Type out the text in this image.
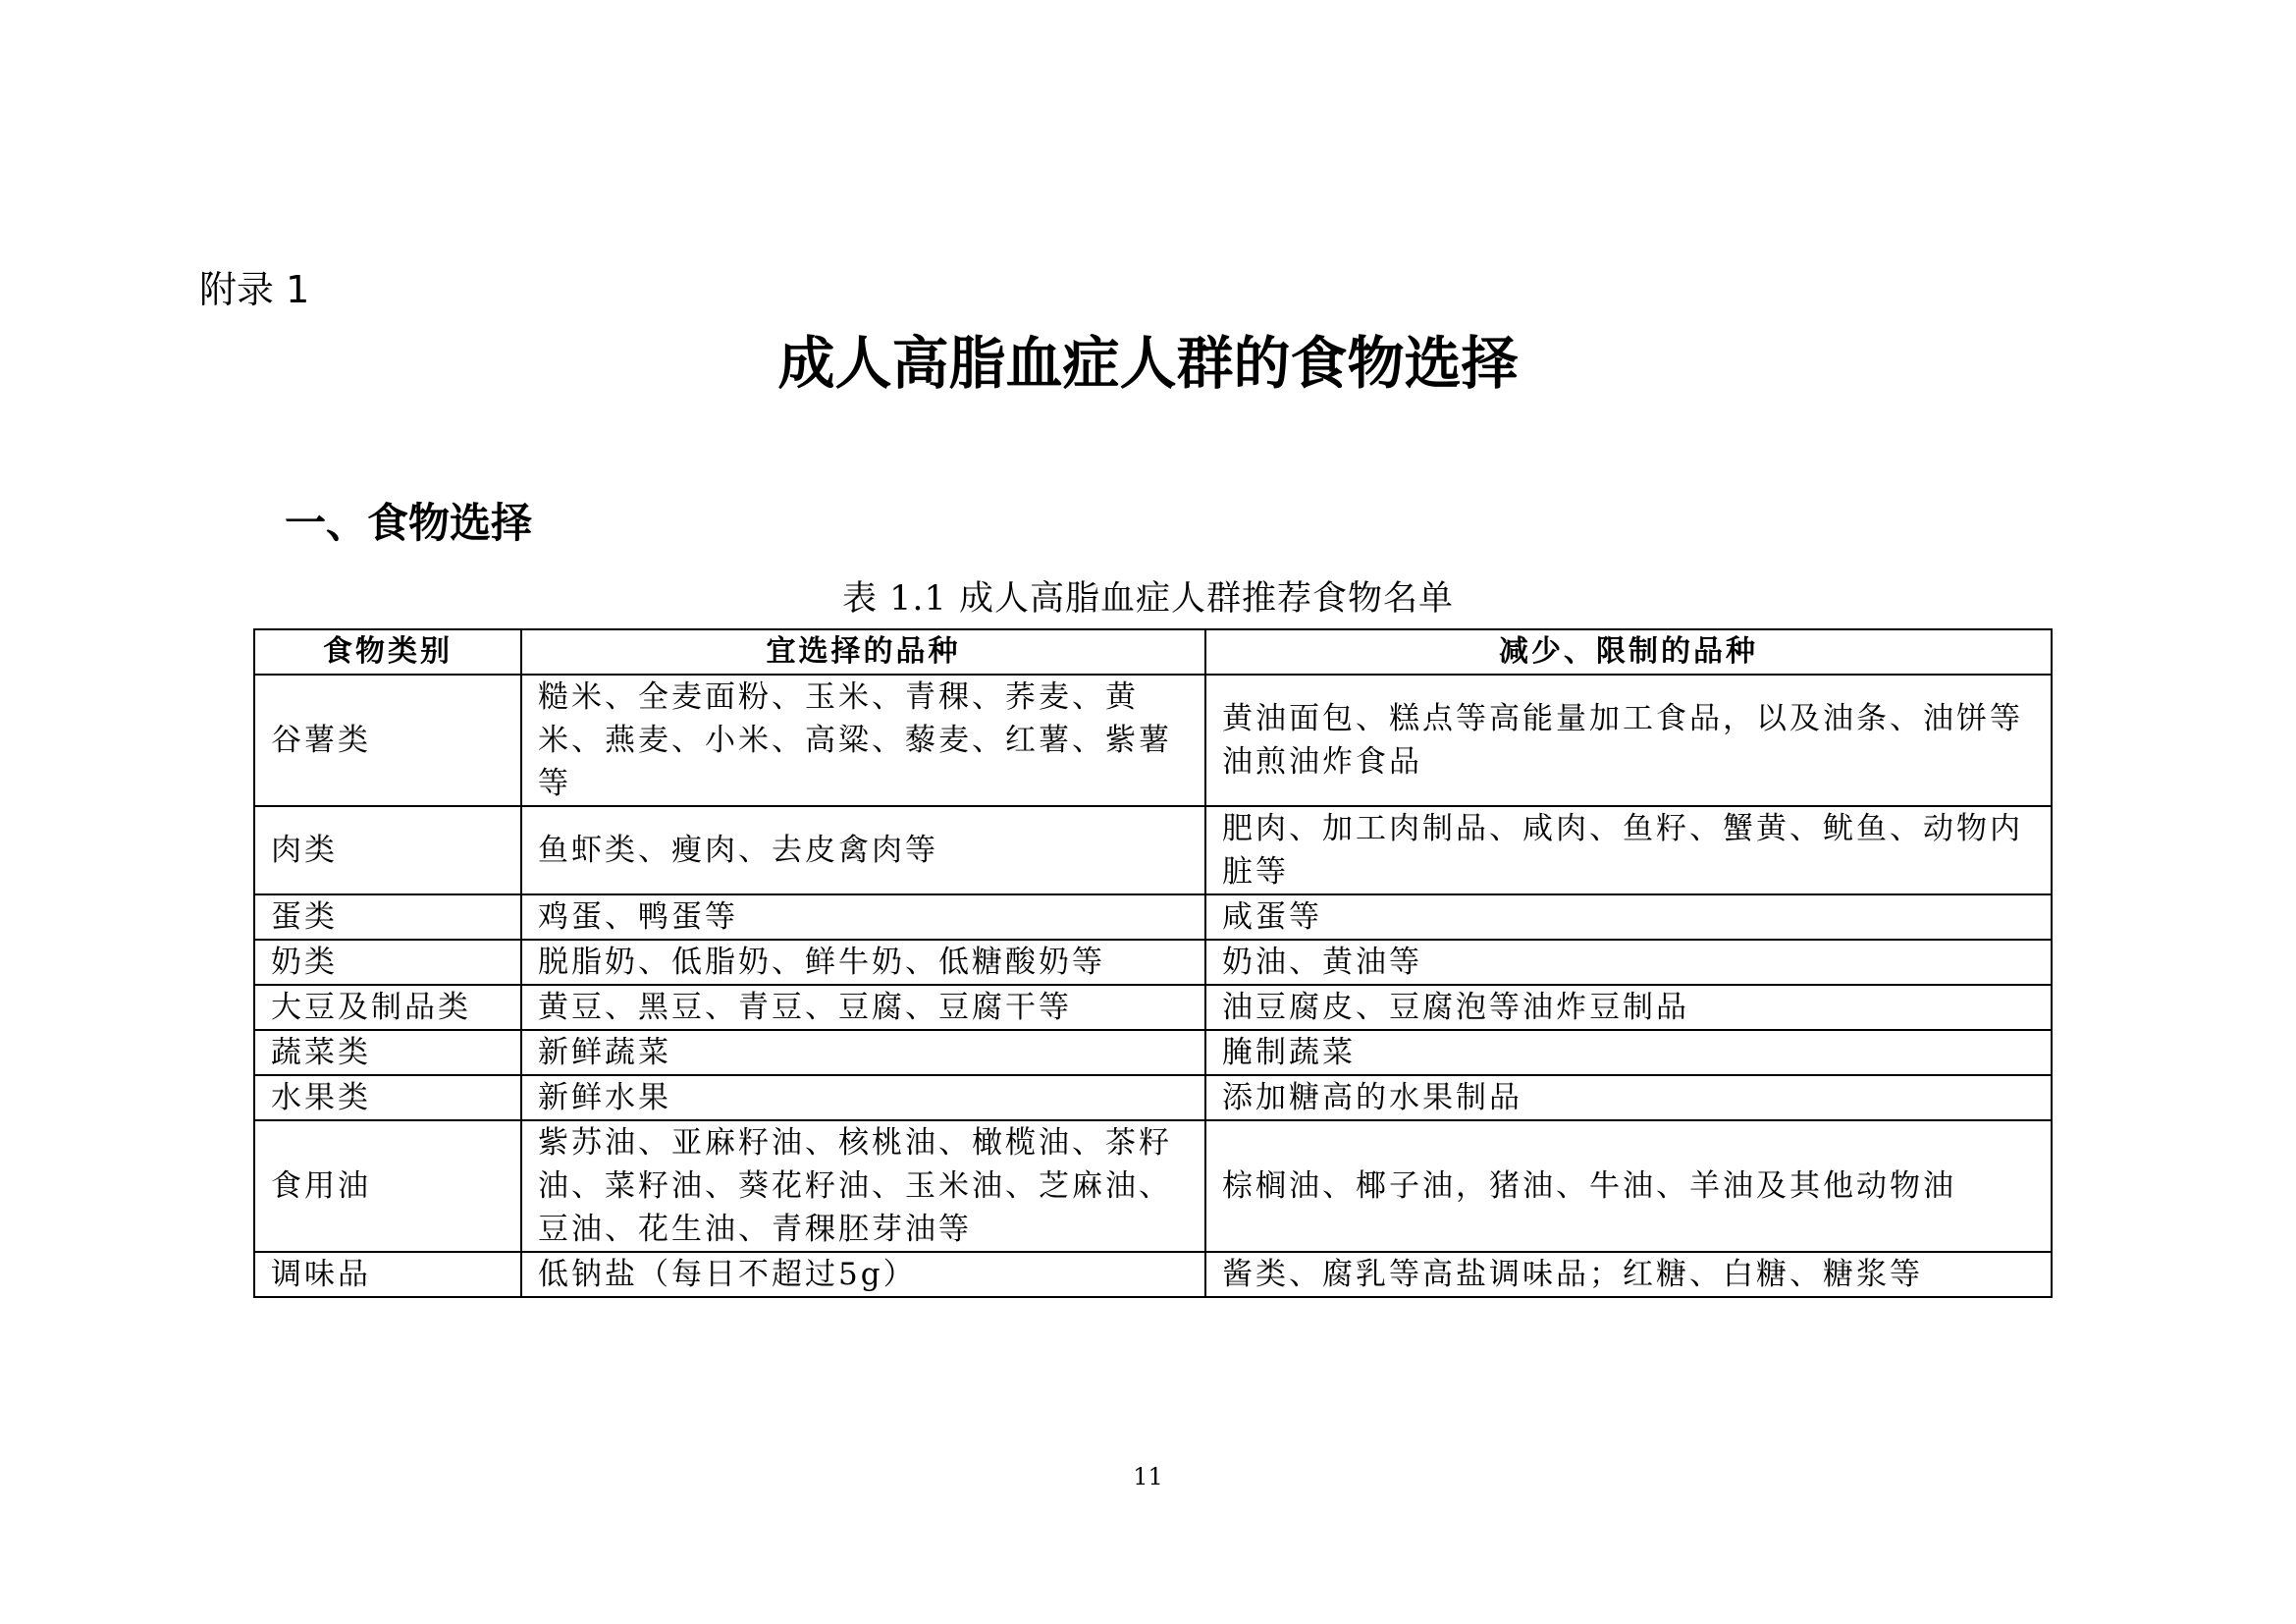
附录 1
成人高脂血症人群的食物选择
一、食物选择
表 1.1 成人高脂血症人群推荐食物名单
食物类别	宜选择的品种	减少、限制的品种
谷薯类	糙米、全麦面粉、玉米、青稞、荞麦、黄米、燕麦、小米、高粱、藜麦、红薯、紫薯等	黄油面包、糕点等高能量加工食品，以及油条、油饼等油煎油炸食品
肉类	鱼虾类、瘦肉、去皮禽肉等	肥肉、加工肉制品、咸肉、鱼籽、蟹黄、鱿鱼、动物内脏等
蛋类	鸡蛋、鸭蛋等	咸蛋等
奶类	脱脂奶、低脂奶、鲜牛奶、低糖酸奶等	奶油、黄油等
大豆及制品类	黄豆、黑豆、青豆、豆腐、豆腐干等	油豆腐皮、豆腐泡等油炸豆制品
蔬菜类	新鲜蔬菜	腌制蔬菜
水果类	新鲜水果	添加糖高的水果制品
食用油	紫苏油、亚麻籽油、核桃油、橄榄油、茶籽油、菜籽油、葵花籽油、玉米油、芝麻油、豆油、花生油、青稞胚芽油等	棕榈油、椰子油，猪油、牛油、羊油及其他动物油
调味品	低钠盐（每日不超过5g）	酱类、腐乳等高盐调味品；红糖、白糖、糖浆等
11
